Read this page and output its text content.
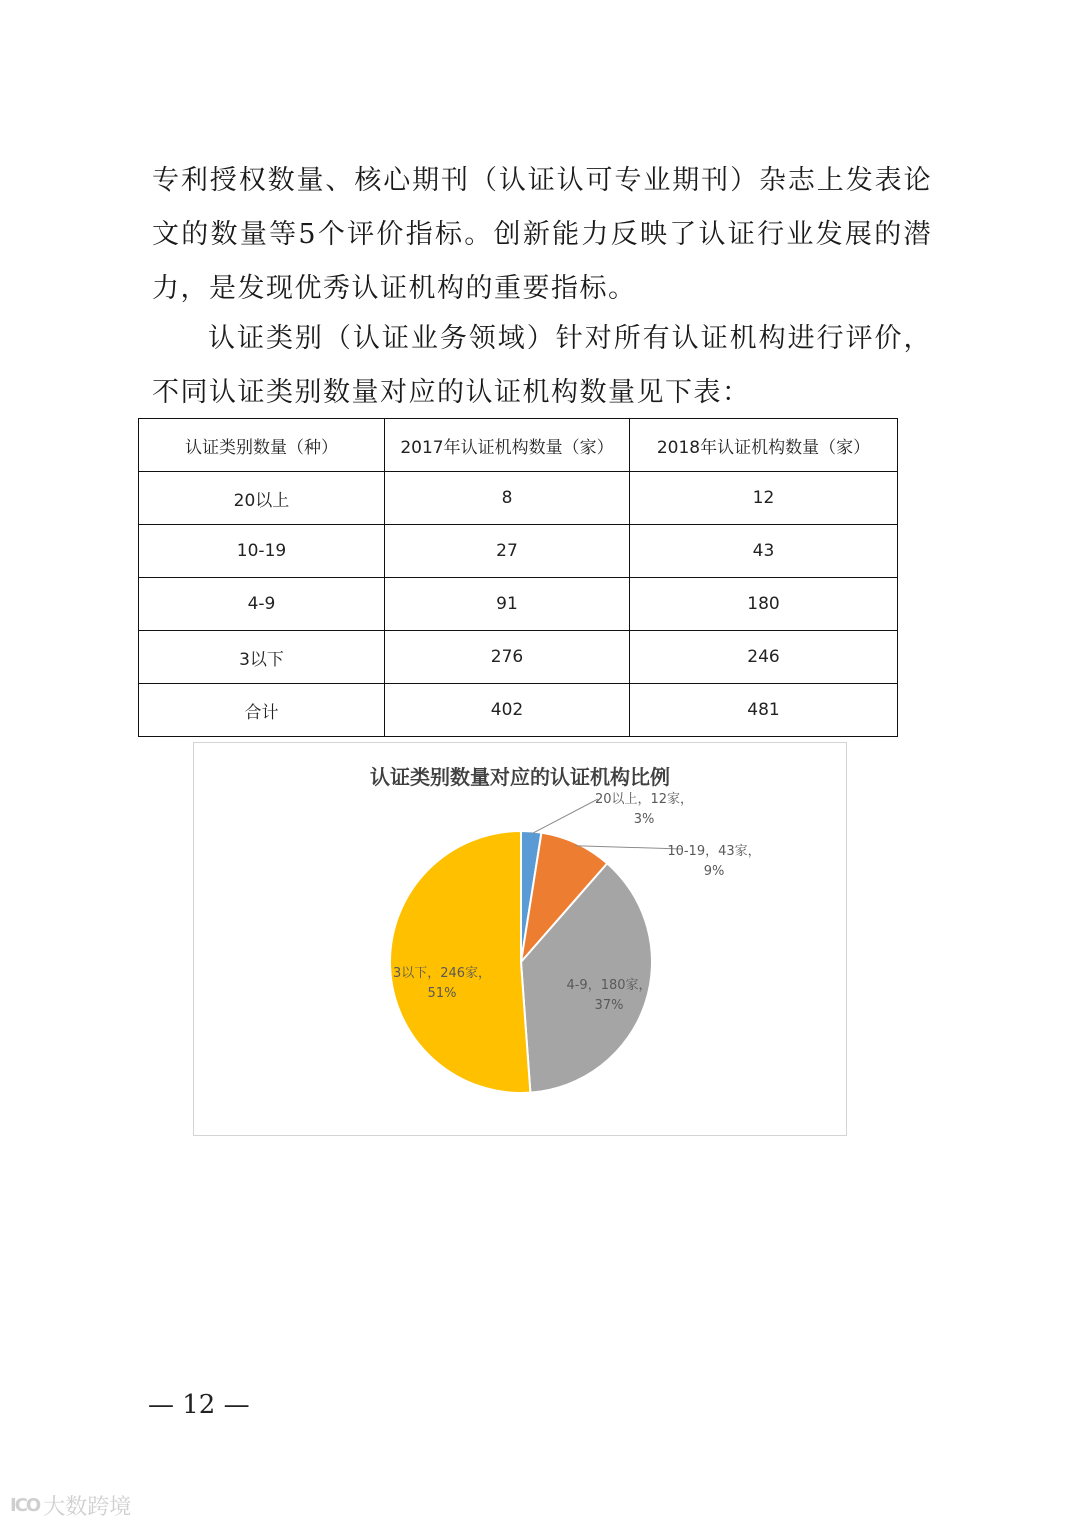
专利授权数量、核心期刊（认证认可专业期刊）杂志上发表论文的数量等5个评价指标。创新能力反映了认证行业发展的潜力，是发现优秀认证机构的重要指标。

认证类别（认证业务领域）针对所有认证机构进行评价，不同认证类别数量对应的认证机构数量见下表：

认证类别数量（种）	2017年认证机构数量（家）	2018年认证机构数量（家）
20以上	8	12
10-19	27	43
4-9	91	180
3以下	276	246
合计	402	481
认证类别数量对应的认证机构比例
20以上，12家， 3%
10-19，43家， 9%
4-9，180家， 37%
3以下，246家， 51%
— 12 —
ICO 大数跨境
